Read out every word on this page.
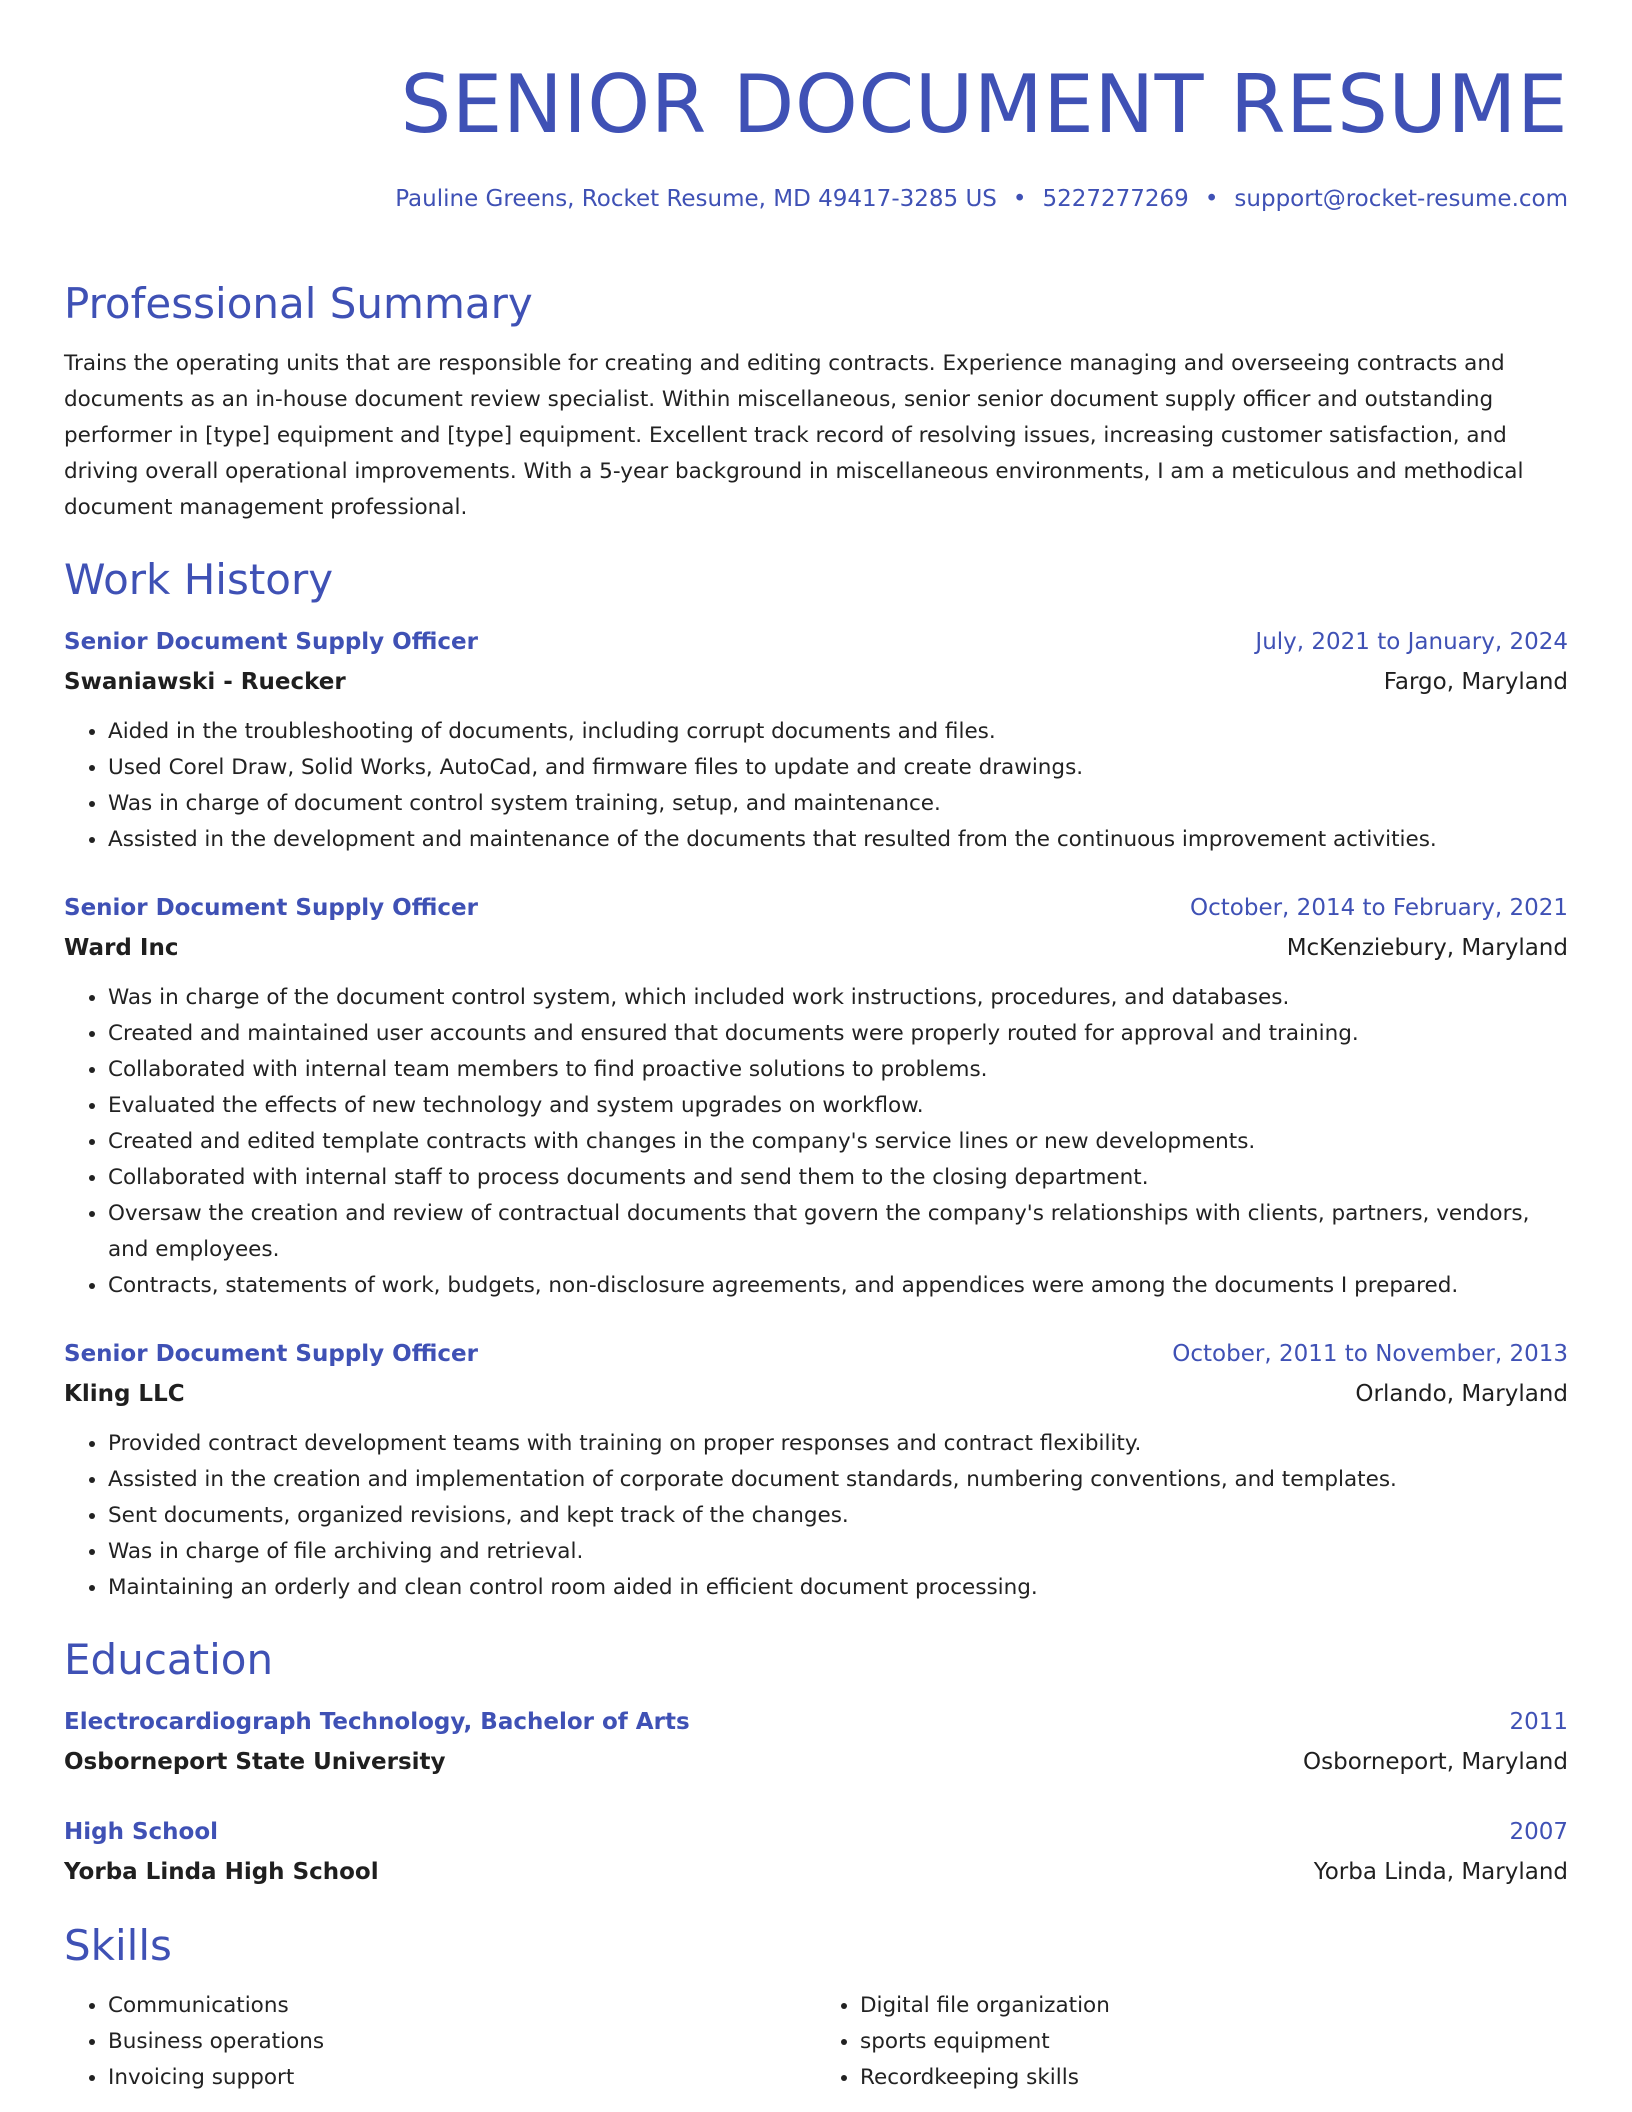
SENIOR DOCUMENT RESUME
Pauline Greens, Rocket Resume, MD 49417-3285 US • 5227277269 • support@rocket-resume.com
Professional Summary
Trains the operating units that are responsible for creating and editing contracts. Experience managing and overseeing contracts and documents as an in-house document review specialist. Within miscellaneous, senior senior document supply officer and outstanding performer in [type] equipment and [type] equipment. Excellent track record of resolving issues, increasing customer satisfaction, and driving overall operational improvements. With a 5-year background in miscellaneous environments, I am a meticulous and methodical document management professional.
Work History
Senior Document Supply Officer	July, 2021 to January, 2024
Swaniawski - Ruecker	Fargo, Maryland
• Aided in the troubleshooting of documents, including corrupt documents and files.
• Used Corel Draw, Solid Works, AutoCad, and firmware files to update and create drawings.
• Was in charge of document control system training, setup, and maintenance.
• Assisted in the development and maintenance of the documents that resulted from the continuous improvement activities.
Senior Document Supply Officer	October, 2014 to February, 2021
Ward Inc	McKenziebury, Maryland
• Was in charge of the document control system, which included work instructions, procedures, and databases.
• Created and maintained user accounts and ensured that documents were properly routed for approval and training.
• Collaborated with internal team members to find proactive solutions to problems.
• Evaluated the effects of new technology and system upgrades on workflow.
• Created and edited template contracts with changes in the company's service lines or new developments.
• Collaborated with internal staff to process documents and send them to the closing department.
• Oversaw the creation and review of contractual documents that govern the company's relationships with clients, partners, vendors, and employees.
• Contracts, statements of work, budgets, non-disclosure agreements, and appendices were among the documents I prepared.
Senior Document Supply Officer	October, 2011 to November, 2013
Kling LLC	Orlando, Maryland
• Provided contract development teams with training on proper responses and contract flexibility.
• Assisted in the creation and implementation of corporate document standards, numbering conventions, and templates.
• Sent documents, organized revisions, and kept track of the changes.
• Was in charge of file archiving and retrieval.
• Maintaining an orderly and clean control room aided in efficient document processing.
Education
Electrocardiograph Technology, Bachelor of Arts	2011
Osborneport State University	Osborneport, Maryland
High School	2007
Yorba Linda High School	Yorba Linda, Maryland
Skills
• Communications
• Business operations
• Invoicing support
• Digital file organization
• sports equipment
• Recordkeeping skills
